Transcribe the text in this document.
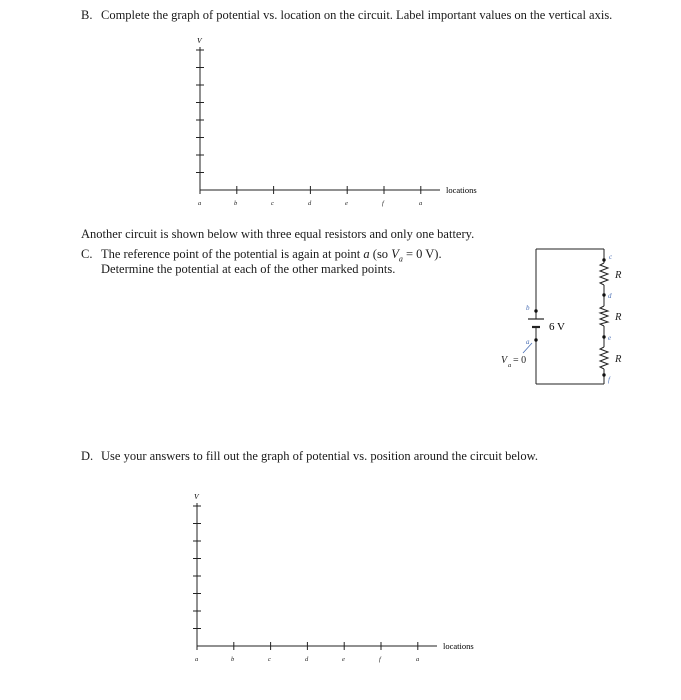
B. Complete the graph of potential vs. location on the circuit. Label important values on the vertical axis.
V
locations
a	b	c	d	e	f	a
Another circuit is shown below with three equal resistors and only one battery.
C. The reference point of the potential is again at point a (so $V_a = 0$ V).
Determine the potential at each of the other marked points.
6 V
R
R
R
b
a
c
d
e
f
V a = 0
D. Use your answers to fill out the graph of potential vs. position around the circuit below.
V
locations
a	b	c	d	e	f	a
